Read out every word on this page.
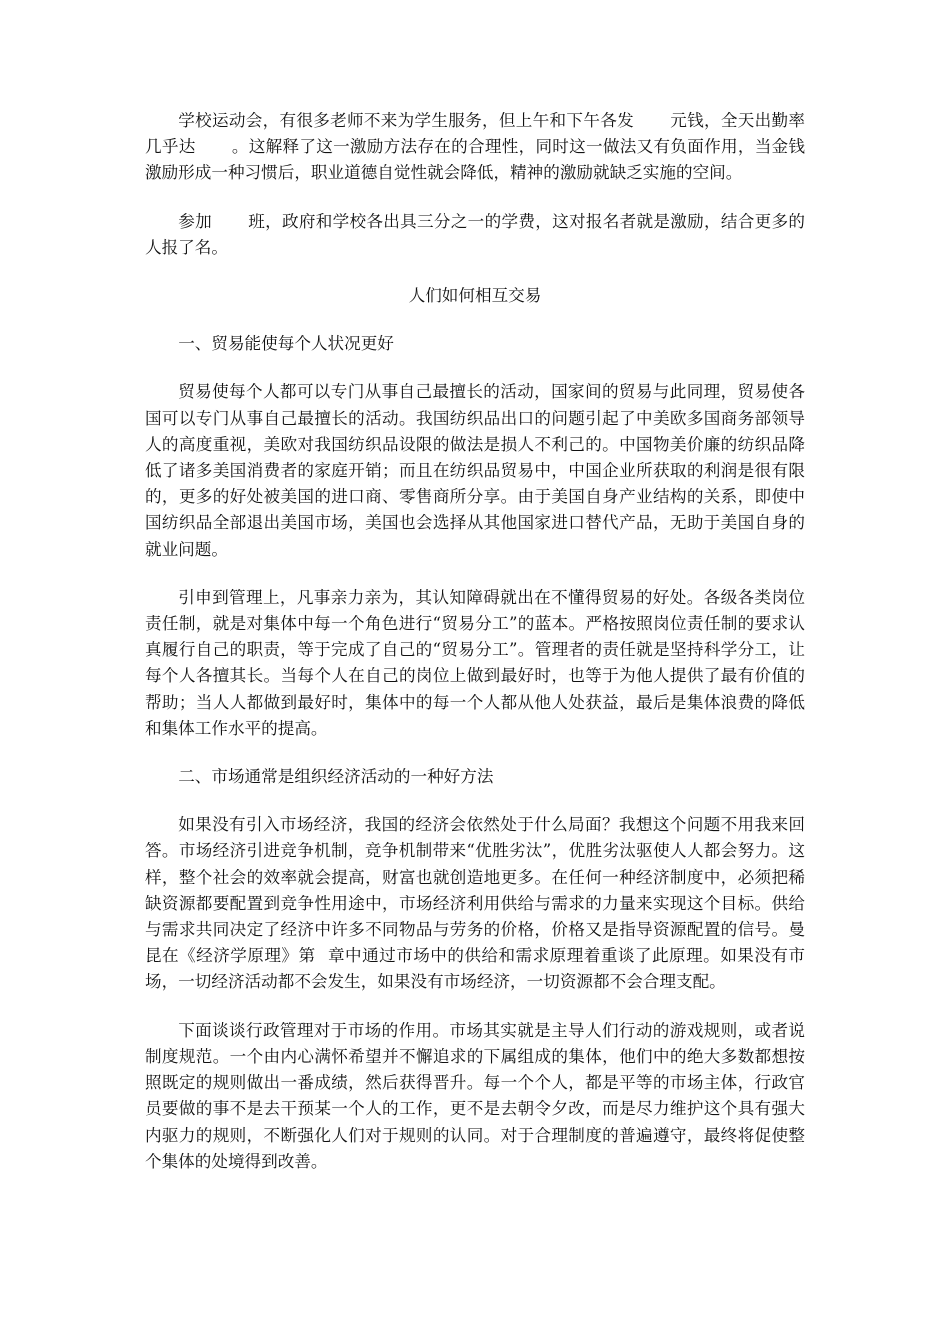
学校运动会，有很多老师不来为学生服务，但上午和下午各发 元钱，全天出勤率几乎达 。这解释了这一激励方法存在的合理性，同时这一做法又有负面作用，当金钱激励形成一种习惯后，职业道德自觉性就会降低，精神的激励就缺乏实施的空间。

参加 班，政府和学校各出具三分之一的学费，这对报名者就是激励，结合更多的人报了名。

人们如何相互交易

一、贸易能使每个人状况更好

贸易使每个人都可以专门从事自己最擅长的活动，国家间的贸易与此同理，贸易使各国可以专门从事自己最擅长的活动。我国纺织品出口的问题引起了中美欧多国商务部领导人的高度重视，美欧对我国纺织品设限的做法是损人不利己的。中国物美价廉的纺织品降低了诸多美国消费者的家庭开销；而且在纺织品贸易中，中国企业所获取的利润是很有限的，更多的好处被美国的进口商、零售商所分享。由于美国自身产业结构的关系，即使中国纺织品全部退出美国市场，美国也会选择从其他国家进口替代产品，无助于美国自身的就业问题。

引申到管理上，凡事亲力亲为，其认知障碍就出在不懂得贸易的好处。各级各类岗位责任制，就是对集体中每一个角色进行“贸易分工”的蓝本。严格按照岗位责任制的要求认真履行自己的职责，等于完成了自己的“贸易分工”。管理者的责任就是坚持科学分工，让每个人各擅其长。当每个人在自己的岗位上做到最好时，也等于为他人提供了最有价值的帮助；当人人都做到最好时，集体中的每一个人都从他人处获益，最后是集体浪费的降低和集体工作水平的提高。

二、市场通常是组织经济活动的一种好方法

如果没有引入市场经济，我国的经济会依然处于什么局面？我想这个问题不用我来回答。市场经济引进竞争机制，竞争机制带来“优胜劣汰”，优胜劣汰驱使人人都会努力。这样，整个社会的效率就会提高，财富也就创造地更多。在任何一种经济制度中，必须把稀缺资源都要配置到竞争性用途中，市场经济利用供给与需求的力量来实现这个目标。供给与需求共同决定了经济中许多不同物品与劳务的价格，价格又是指导资源配置的信号。曼昆在《经济学原理》第 章中通过市场中的供给和需求原理着重谈了此原理。如果没有市场，一切经济活动都不会发生，如果没有市场经济，一切资源都不会合理支配。

下面谈谈行政管理对于市场的作用。市场其实就是主导人们行动的游戏规则，或者说制度规范。一个由内心满怀希望并不懈追求的下属组成的集体，他们中的绝大多数都想按照既定的规则做出一番成绩，然后获得晋升。每一个个人，都是平等的市场主体，行政官员要做的事不是去干预某一个人的工作，更不是去朝令夕改，而是尽力维护这个具有强大内驱力的规则，不断强化人们对于规则的认同。对于合理制度的普遍遵守，最终将促使整个集体的处境得到改善。
